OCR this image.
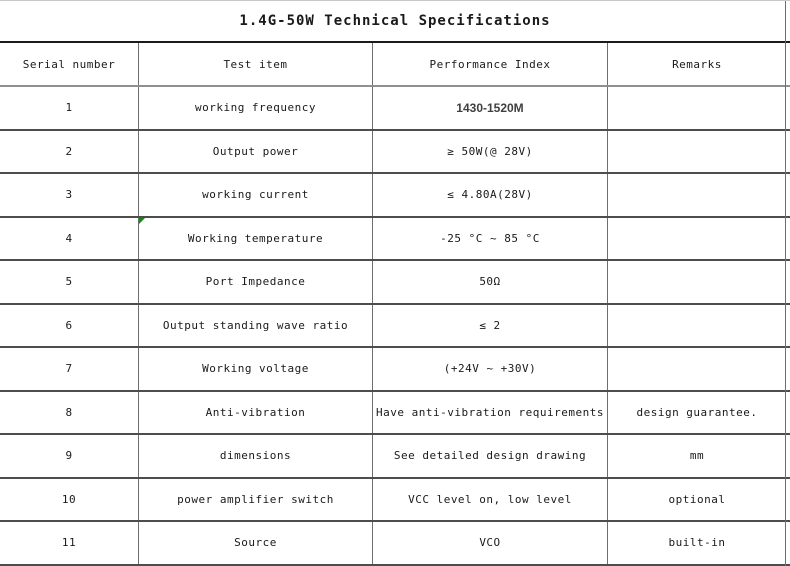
1.4G-50W Technical Specifications
Serial number	Test item	Performance Index	Remarks
1	working frequency	1430-1520M
2	Output power	≥ 50W(@ 28V)
3	working current	≤ 4.80A(28V)
4	Working temperature	-25 °C ~ 85 °C
5	Port Impedance	50Ω
6	Output standing wave ratio	≤ 2
7	Working voltage	(+24V ~ +30V)
8	Anti-vibration	Have anti-vibration requirements	design guarantee.
9	dimensions	See detailed design drawing	mm
10	power amplifier switch	VCC level on, low level	optional
11	Source	VCO	built-in
